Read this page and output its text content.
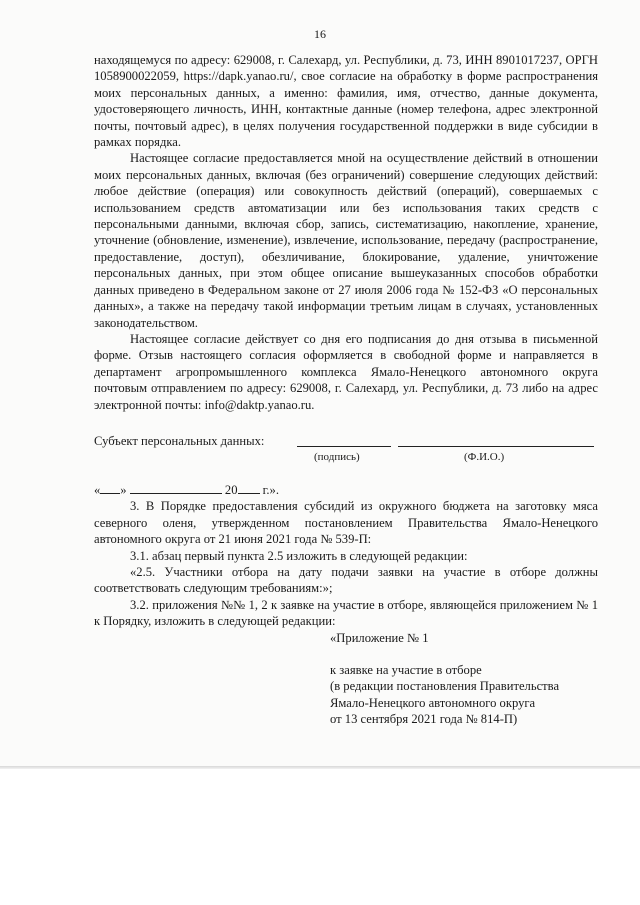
16

находящемуся по адресу: 629008, г. Салехард, ул. Республики, д. 73, ИНН 8901017237, ОРГН 1058900022059, https://dapk.yanao.ru/, свое согласие на обработку в форме распространения моих персональных данных, а именно: фамилия, имя, отчество, данные документа, удостоверяющего личность, ИНН, контактные данные (номер телефона, адрес электронной почты, почтовый адрес), в целях получения государственной поддержки в виде субсидии в рамках порядка.

Настоящее согласие предоставляется мной на осуществление действий в отношении моих персональных данных, включая (без ограничений) совершение следующих действий: любое действие (операция) или совокупность действий (операций), совершаемых с использованием средств автоматизации или без использования таких средств с персональными данными, включая сбор, запись, систематизацию, накопление, хранение, уточнение (обновление, изменение), извлечение, использование, передачу (распространение, предоставление, доступ), обезличивание, блокирование, удаление, уничтожение персональных данных, при этом общее описание вышеуказанных способов обработки данных приведено в Федеральном законе от 27 июля 2006 года № 152-ФЗ «О персональных данных», а также на передачу такой информации третьим лицам в случаях, установленных законодательством.

Настоящее согласие действует со дня его подписания до дня отзыва в письменной форме. Отзыв настоящего согласия оформляется в свободной форме и направляется в департамент агропромышленного комплекса Ямало-Ненецкого автономного округа почтовым отправлением по адресу: 629008, г. Салехард, ул. Республики, д. 73 либо на адрес электронной почты: info@daktp.yanao.ru.

Субъект персональных данных:
(подпись)	(Ф.И.О.)

« »	20 г.».

3. В Порядке предоставления субсидий из окружного бюджета на заготовку мяса северного оленя, утвержденном постановлением Правительства Ямало-Ненецкого автономного округа от 21 июня 2021 года № 539-П:

3.1. абзац первый пункта 2.5 изложить в следующей редакции:

«2.5. Участники отбора на дату подачи заявки на участие в отборе должны соответствовать следующим требованиям:»;

3.2. приложения №№ 1, 2 к заявке на участие в отборе, являющейся приложением № 1 к Порядку, изложить в следующей редакции:

«Приложение № 1
к заявке на участие в отборе
(в редакции постановления Правительства
Ямало-Ненецкого автономного округа
от 13 сентября 2021 года № 814-П)
